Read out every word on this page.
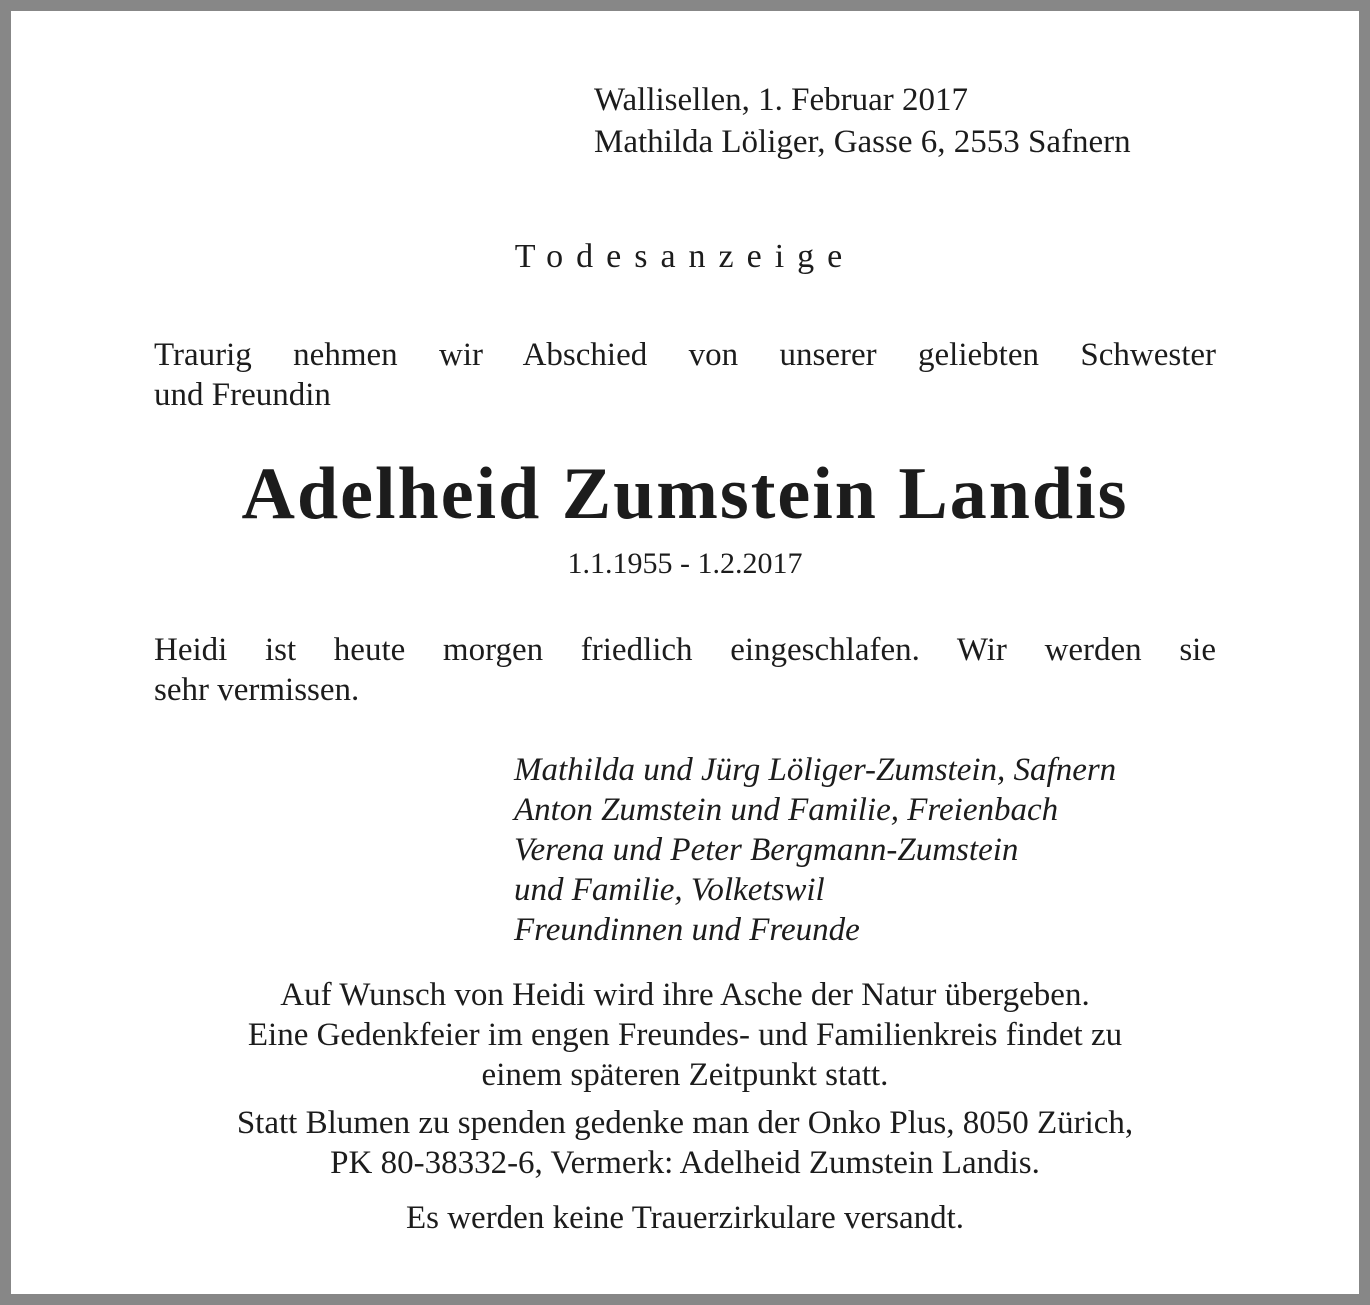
Wallisellen, 1. Februar 2017
Mathilda Löliger, Gasse 6, 2553 Safnern
Todesanzeige
Traurig nehmen wir Abschied von unserer geliebten Schwester
und Freundin
Adelheid Zumstein Landis
1.1.1955 - 1.2.2017
Heidi ist heute morgen friedlich eingeschlafen. Wir werden sie
sehr vermissen.
Mathilda und Jürg Löliger-Zumstein, Safnern
Anton Zumstein und Familie, Freienbach
Verena und Peter Bergmann-Zumstein
und Familie, Volketswil
Freundinnen und Freunde
Auf Wunsch von Heidi wird ihre Asche der Natur übergeben.
Eine Gedenkfeier im engen Freundes- und Familienkreis findet zu
einem späteren Zeitpunkt statt.
Statt Blumen zu spenden gedenke man der Onko Plus, 8050 Zürich,
PK 80-38332-6, Vermerk: Adelheid Zumstein Landis.
Es werden keine Trauerzirkulare versandt.
